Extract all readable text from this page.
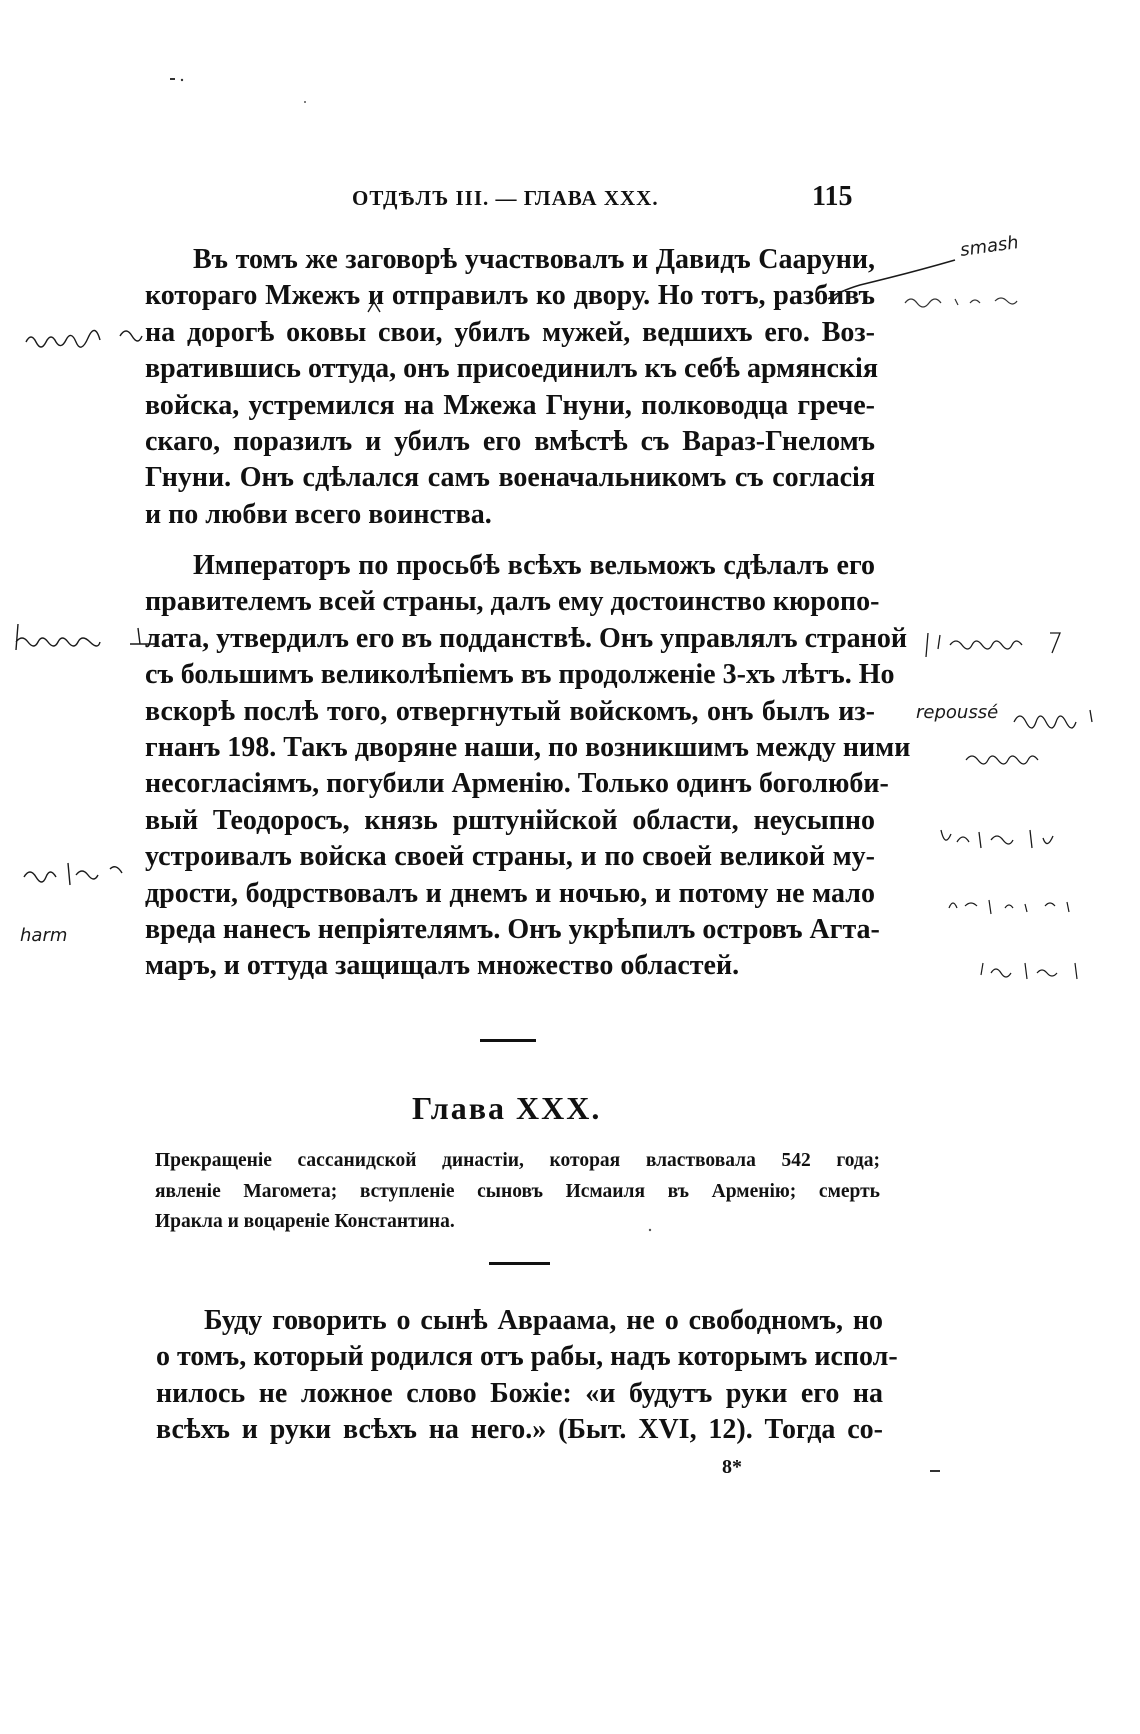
ОТДѢЛЪ III. — ГЛАВА XXX.	115
Въ томъ же заговорѣ участвовалъ и Давидъ Сааруни,
котораго Мжежъ и отправилъ ко двору. Но тотъ, разбивъ
на дорогѣ оковы свои, убилъ мужей, ведшихъ его. Воз-
вратившись оттуда, онъ присоединилъ къ себѣ армянскія
войска, устремился на Мжежа Гнуни, полководца грече-
скаго, поразилъ и убилъ его вмѣстѣ съ Вараз-Гнеломъ
Гнуни. Онъ сдѣлался самъ военачальникомъ съ согласія
и по любви всего воинства.
Императоръ по просьбѣ всѣхъ вельможъ сдѣлалъ его
правителемъ всей страны, далъ ему достоинство кюропо-
лата, утвердилъ его въ подданствѣ. Онъ управлялъ страной
съ большимъ великолѣпіемъ въ продолженіе 3-хъ лѣтъ. Но
вскорѣ послѣ того, отвергнутый войскомъ, онъ былъ из-
гнанъ 198. Такъ дворяне наши, по возникшимъ между ними
несогласіямъ, погубили Арменію. Только одинъ боголюби-
вый Теодоросъ, князь рштунійской области, неусыпно
устроивалъ войска своей страны, и по своей великой му-
дрости, бодрствовалъ и днемъ и ночью, и потому не мало
вреда нанесъ непріятелямъ. Онъ укрѣпилъ островъ Агта-
маръ, и оттуда защищалъ множество областей.
Глава XXX.
Прекращеніе сассанидской династіи, которая властвовала 542 года;
явленіе Магомета; вступленіе сыновъ Исмаиля въ Арменію; смерть
Иракла и воцареніе Константина.
Буду говорить о сынѣ Авраама, не о свободномъ, но
о томъ, который родился отъ рабы, надъ которымъ испол-
нилось не ложное слово Божіе: «и будутъ руки его на
всѣхъ и руки всѣхъ на него.» (Быт. XVI, 12). Тогда со-
8*
smash
repoussé
harm
